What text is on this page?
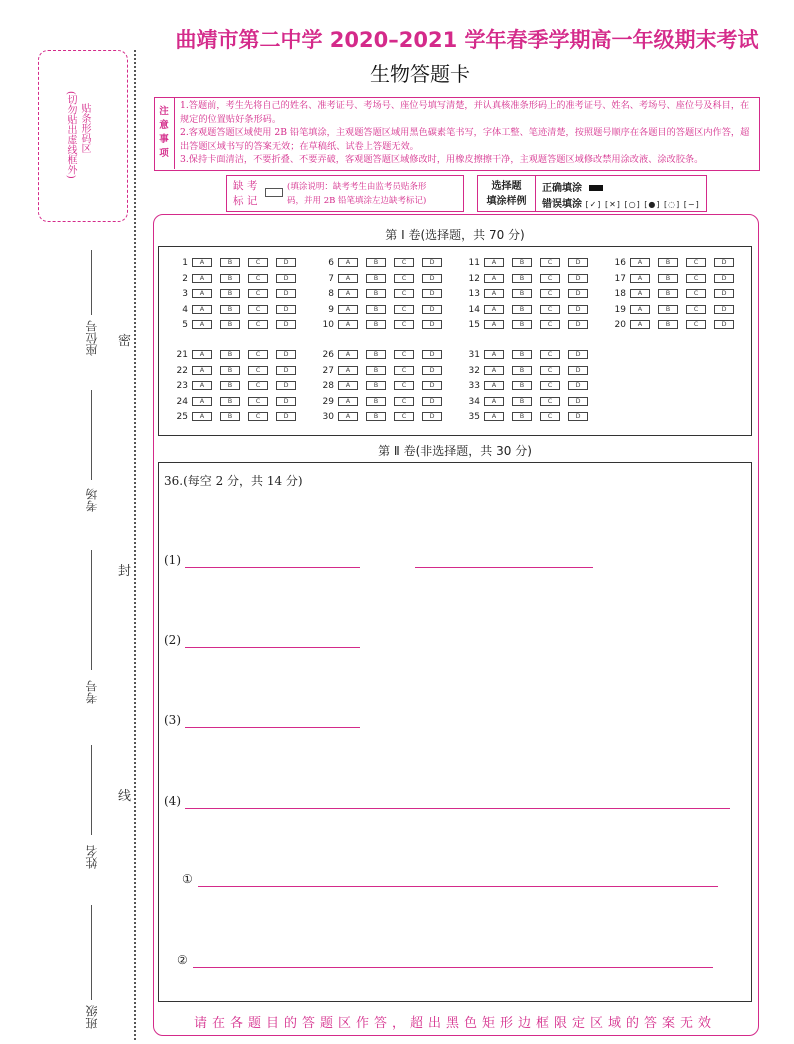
曲靖市第二中学 2020–2021 学年春季学期高一年级期末考试
生物答题卡
贴条形码区
(切勿贴出虚线框外)
座位号
考场
考号
姓名
班级
密
封
线
注
意
事
项
1.答题前，考生先将自己的姓名、准考证号、考场号、座位号填写清楚，并认真核准条形码上的准考证号、姓名、考场号、座位号及科目，在规定的位置贴好条形码。
2.客观题答题区域使用 2B 铅笔填涂，主观题答题区域用黑色碳素笔书写，字体工整、笔迹清楚，按照题号顺序在各题目的答题区内作答，超出答题区域书写的答案无效；在草稿纸、试卷上答题无效。
3.保持卡面清洁，不要折叠、不要弄破，客观题答题区域修改时，用橡皮擦擦干净，主观题答题区域修改禁用涂改液、涂改胶条。
缺 考
标 记
(填涂说明：缺考考生由监考员贴条形
码，并用 2B 铅笔填涂左边缺考标记)
选择题
填涂样例
正确填涂
错误填涂 [✓] [✕] [○] [●] [◌] [−]
第 Ⅰ 卷(选择题，共 70 分)
1 A	B	C	D
2 A	B	C	D
3 A	B	C	D
4 A	B	C	D
5 A	B	C	D
6 A	B	C	D
7 A	B	C	D
8 A	B	C	D
9 A	B	C	D
10 A	B	C	D
11 A	B	C	D
12 A	B	C	D
13 A	B	C	D
14 A	B	C	D
15 A	B	C	D
16 A	B	C	D
17 A	B	C	D
18 A	B	C	D
19 A	B	C	D
20 A	B	C	D
21 A	B	C	D
22 A	B	C	D
23 A	B	C	D
24 A	B	C	D
25 A	B	C	D
26 A	B	C	D
27 A	B	C	D
28 A	B	C	D
29 A	B	C	D
30 A	B	C	D
31 A	B	C	D
32 A	B	C	D
33 A	B	C	D
34 A	B	C	D
35 A	B	C	D
第 Ⅱ 卷(非选择题，共 30 分)
36.(每空 2 分，共 14 分)
(1)
(2)
(3)
(4)
①
②
请在各题目的答题区作答，超出黑色矩形边框限定区域的答案无效
